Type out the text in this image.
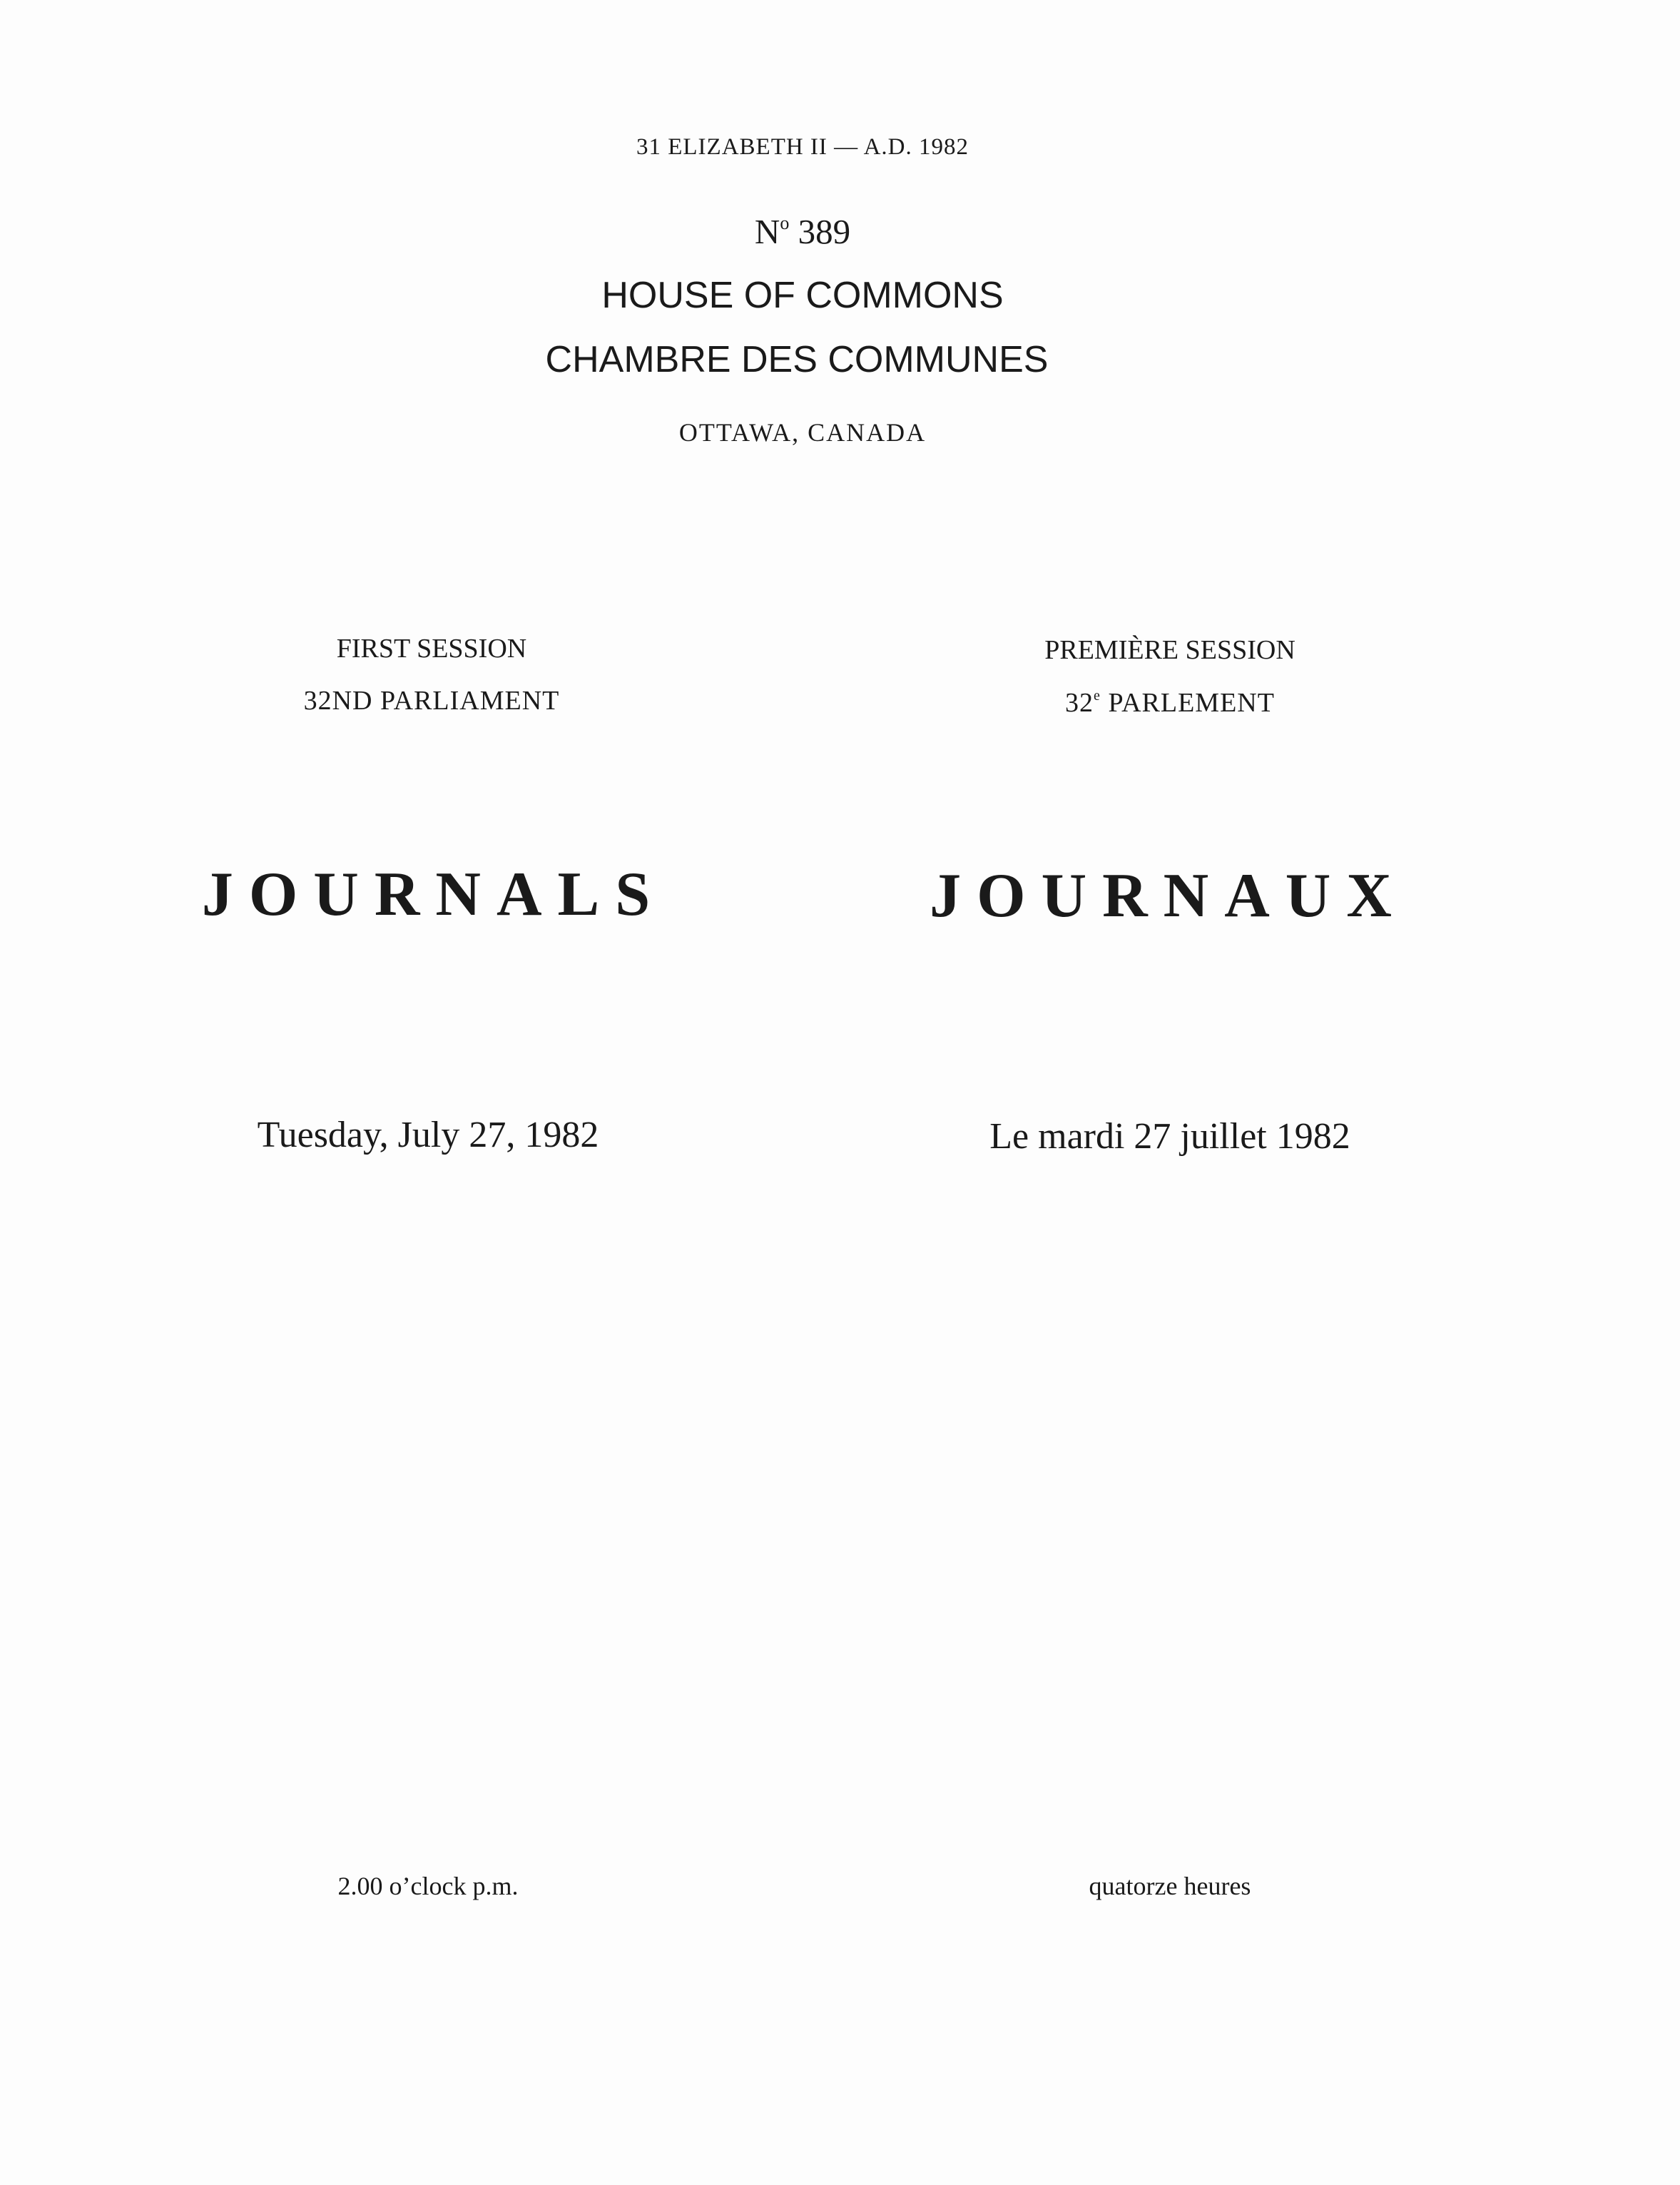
31 ELIZABETH II — A.D. 1982

$N^o$ 389

HOUSE OF COMMONS

CHAMBRE DES COMMUNES

OTTAWA, CANADA

FIRST SESSION

32ND PARLIAMENT

PREMIÈRE SESSION

32e PARLEMENT

JOURNALS	JOURNAUX

Tuesday, July 27, 1982	Le mardi 27 juillet 1982

2.00 o’clock p.m.	quatorze heures
